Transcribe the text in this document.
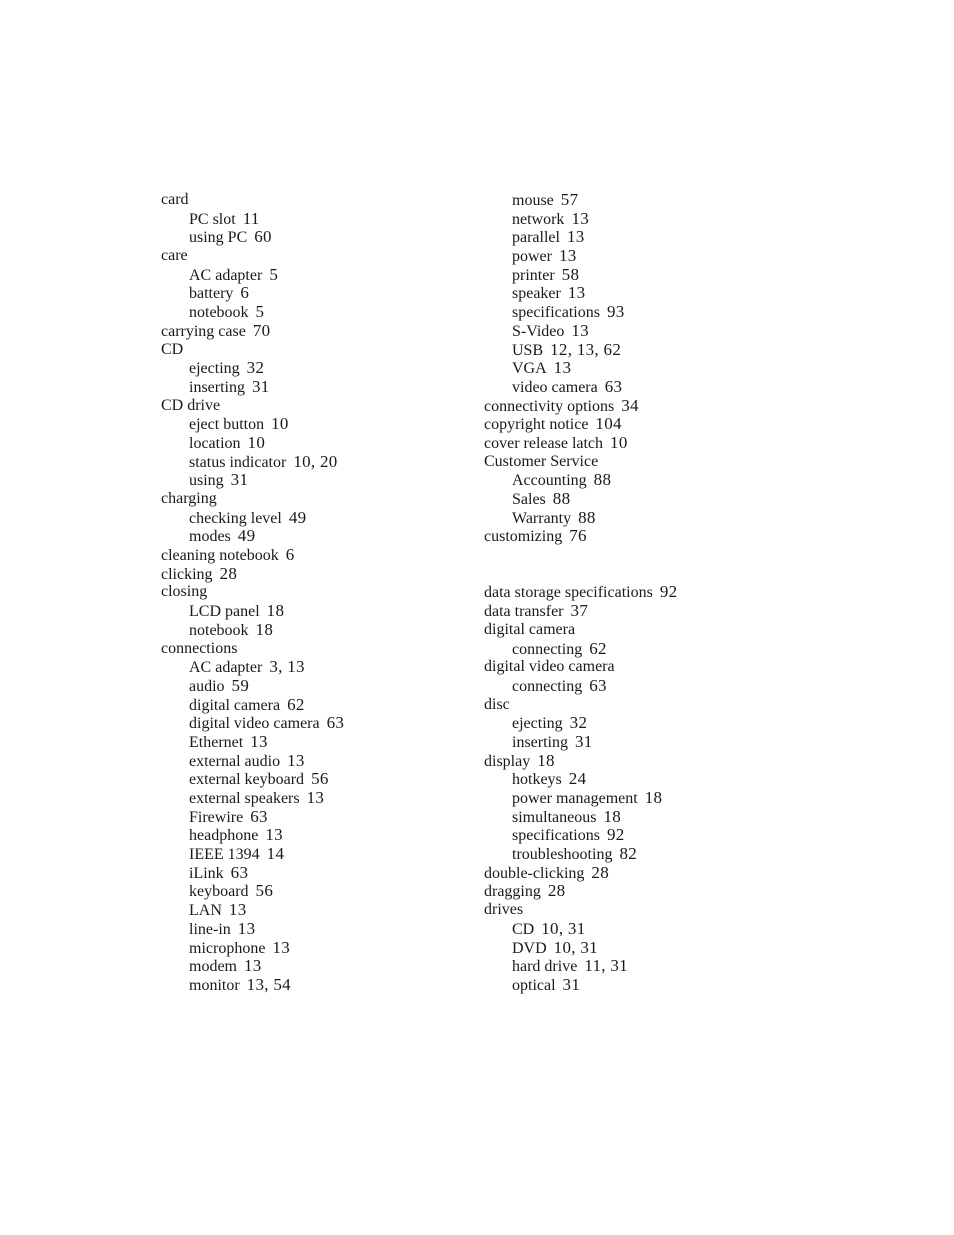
card
PC slot 11
using PC 60
care
AC adapter 5
battery 6
notebook 5
carrying case 70
CD
ejecting 32
inserting 31
CD drive
eject button 10
location 10
status indicator 10, 20
using 31
charging
checking level 49
modes 49
cleaning notebook 6
clicking 28
closing
LCD panel 18
notebook 18
connections
AC adapter 3, 13
audio 59
digital camera 62
digital video camera 63
Ethernet 13
external audio 13
external keyboard 56
external speakers 13
Firewire 63
headphone 13
IEEE 1394 14
iLink 63
keyboard 56
LAN 13
line-in 13
microphone 13
modem 13
monitor 13, 54
mouse 57
network 13
parallel 13
power 13
printer 58
speaker 13
specifications 93
S-Video 13
USB 12, 13, 62
VGA 13
video camera 63
connectivity options 34
copyright notice 104
cover release latch 10
Customer Service
Accounting 88
Sales 88
Warranty 88
customizing 76
data storage specifications 92
data transfer 37
digital camera
connecting 62
digital video camera
connecting 63
disc
ejecting 32
inserting 31
display 18
hotkeys 24
power management 18
simultaneous 18
specifications 92
troubleshooting 82
double-clicking 28
dragging 28
drives
CD 10, 31
DVD 10, 31
hard drive 11, 31
optical 31
